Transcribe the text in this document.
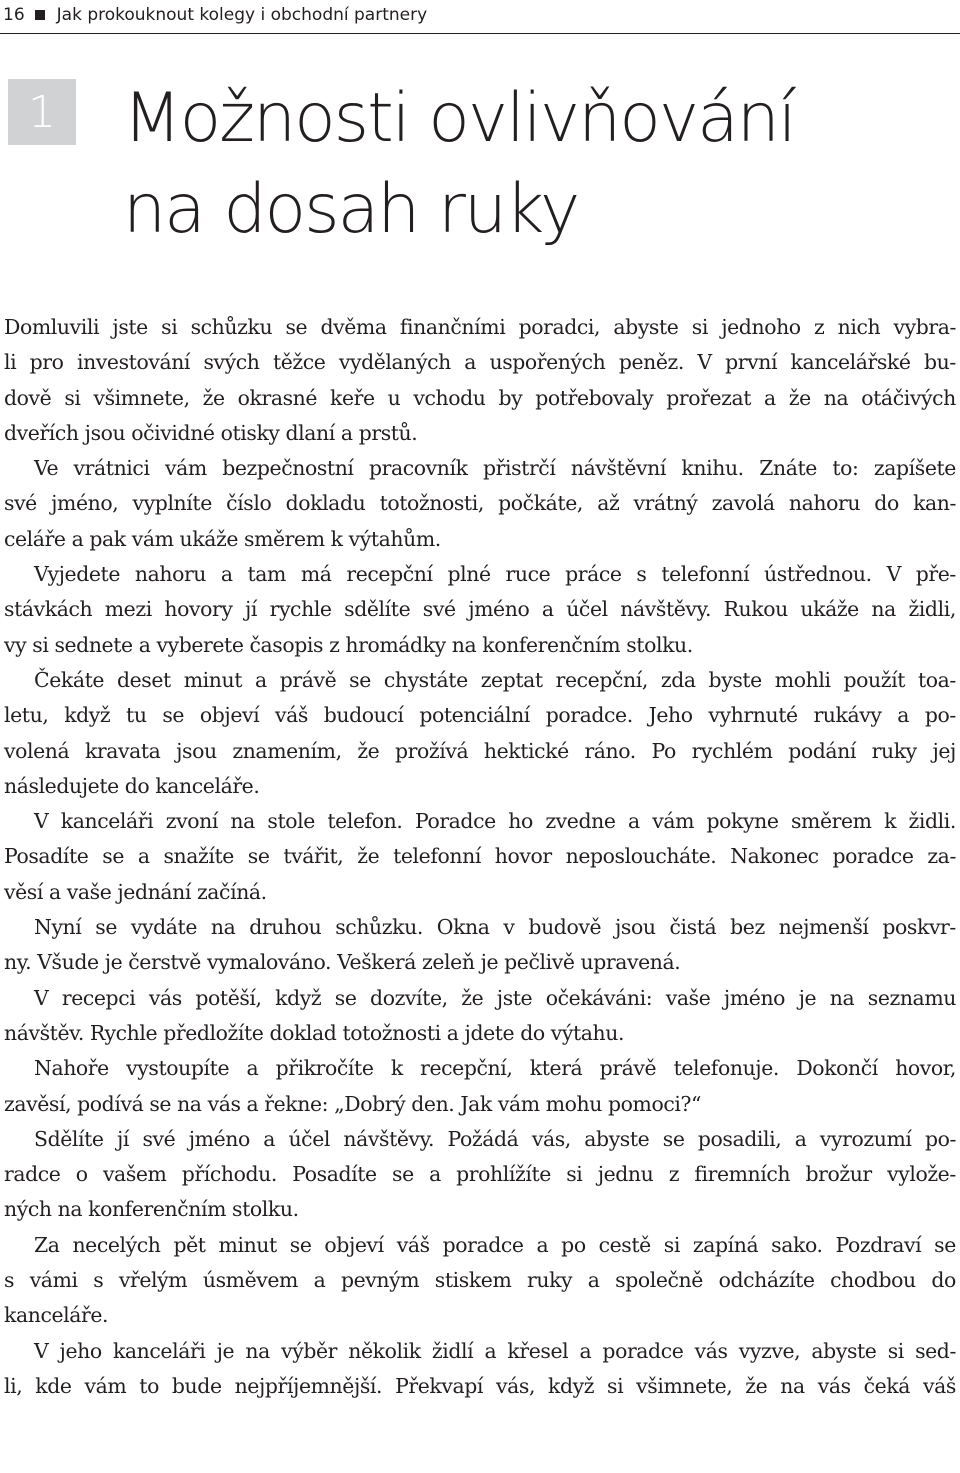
16 Jak prokouknout kolegy i obchodní partnery
1 Možnosti ovlivňování
na dosah ruky
Domluvili jste si schůzku se dvěma finančními poradci, abyste si jednoho z nich vybra-
li pro investování svých těžce vydělaných a uspořených peněz. V první kancelářské bu-
dově si všimnete, že okrasné keře u vchodu by potřebovaly prořezat a že na otáčivých
dveřích jsou očividné otisky dlaní a prstů.
Ve vrátnici vám bezpečnostní pracovník přistrčí návštěvní knihu. Znáte to: zapíšete
své jméno, vyplníte číslo dokladu totožnosti, počkáte, až vrátný zavolá nahoru do kan-
celáře a pak vám ukáže směrem k výtahům.
Vyjedete nahoru a tam má recepční plné ruce práce s telefonní ústřednou. V pře-
stávkách mezi hovory jí rychle sdělíte své jméno a účel návštěvy. Rukou ukáže na židli,
vy si sednete a vyberete časopis z hromádky na konferenčním stolku.
Čekáte deset minut a právě se chystáte zeptat recepční, zda byste mohli použít toa-
letu, když tu se objeví váš budoucí potenciální poradce. Jeho vyhrnuté rukávy a po-
volená kravata jsou znamením, že prožívá hektické ráno. Po rychlém podání ruky jej
následujete do kanceláře.
V kanceláři zvoní na stole telefon. Poradce ho zvedne a vám pokyne směrem k židli.
Posadíte se a snažíte se tvářit, že telefonní hovor neposloucháte. Nakonec poradce za-
věsí a vaše jednání začíná.
Nyní se vydáte na druhou schůzku. Okna v budově jsou čistá bez nejmenší poskvr-
ny. Všude je čerstvě vymalováno. Veškerá zeleň je pečlivě upravená.
V recepci vás potěší, když se dozvíte, že jste očekáváni: vaše jméno je na seznamu
návštěv. Rychle předložíte doklad totožnosti a jdete do výtahu.
Nahoře vystoupíte a přikročíte k recepční, která právě telefonuje. Dokončí hovor,
zavěsí, podívá se na vás a řekne: „Dobrý den. Jak vám mohu pomoci?“
Sdělíte jí své jméno a účel návštěvy. Požádá vás, abyste se posadili, a vyrozumí po-
radce o vašem příchodu. Posadíte se a prohlížíte si jednu z firemních brožur vylože-
ných na konferenčním stolku.
Za necelých pět minut se objeví váš poradce a po cestě si zapíná sako. Pozdraví se
s vámi s vřelým úsměvem a pevným stiskem ruky a společně odcházíte chodbou do
kanceláře.
V jeho kanceláři je na výběr několik židlí a křesel a poradce vás vyzve, abyste si sed-
li, kde vám to bude nejpříjemnější. Překvapí vás, když si všimnete, že na vás čeká váš
